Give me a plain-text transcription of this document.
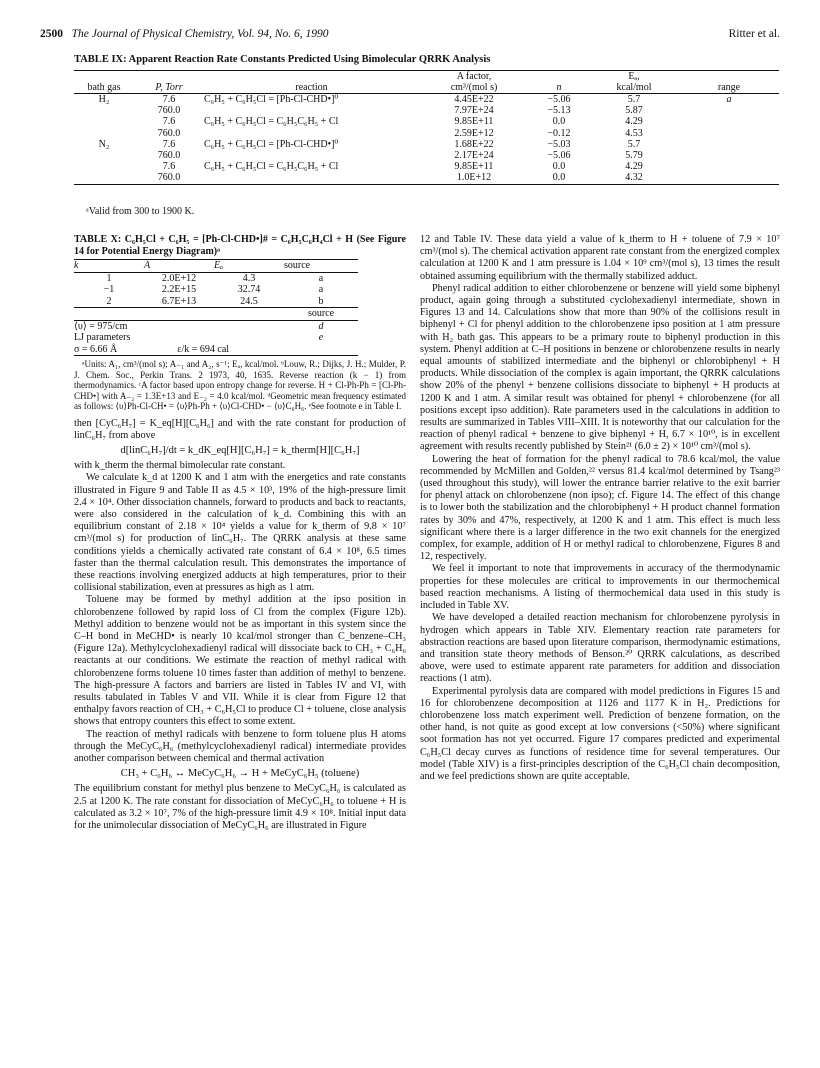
2500 The Journal of Physical Chemistry, Vol. 94, No. 6, 1990	Ritter et al.
TABLE IX: Apparent Reaction Rate Constants Predicted Using Bimolecular QRRK Analysis
			A factor,		Eₐ,	
bath gas	P, Torr	reaction	cm³/(mol s)	n	kcal/mol	range
H₂	7.6	C₆H₅ + C₆H₅Cl = [Ph-Cl-CHD•]⁰	4.45E+22	−5.06	5.7	a
	760.0		7.97E+24	−5.13	5.87	
	7.6	C₆H₅ + C₆H₅Cl = C₆H₅C₆H₅ + Cl	9.85E+11	0.0	4.29	
	760.0		2.59E+12	−0.12	4.53	
N₂	7.6	C₆H₅ + C₆H₅Cl = [Ph-Cl-CHD•]⁰	1.68E+22	−5.03	5.7	
	760.0		2.17E+24	−5.06	5.79	
	7.6	C₆H₅ + C₆H₅Cl = C₆H₅C₆H₅ + Cl	9.85E+11	0.0	4.29	
	760.0		1.0E+12	0.0	4.32	
ᵃValid from 300 to 1900 K.
TABLE X: C₆H₅Cl + C₆H₅ = [Ph-Cl-CHD•]# = C₆H₅C₆H₄Cl + H (See Figure 14 for Potential Energy Diagram)ᵃ
k	A	Eₐ	source
1	2.0E+12	4.3	a
−1	2.2E+15	32.74	a
2	6.7E+13	24.5	b
	source
⟨υ⟩ = 975/cm	d
LJ parameters	e
σ = 6.66 Å ε/k = 694 cal	
ᵃUnits: A₁, cm³/(mol s); A₋₁ and A₂, s⁻¹; Eₐ, kcal/mol. ᵇLouw, R.; Dijks, J. H.; Mulder, P. J. Chem. Soc., Perkin Trans. 2 1973, 40, 1635. Reverse reaction (k − 1) from thermodynamics. ᶜA factor based upon entropy change for reverse. H + Cl-Ph-Ph = [Cl-Ph-CHD•] with A₋₂ = 1.3E+13 and E₋₂ = 4.0 kcal/mol. ᵈGeometric mean frequency estimated as follows: ⟨υ⟩Ph-Cl-CH• = ⟨υ⟩Ph-Ph + ⟨υ⟩Cl-CHD• − ⟨υ⟩C₆H₆. ᵉSee footnote e in Table I.

then [CyC₆H₇] = K_eq[H][C₆H₆] and with the rate constant for production of linC₆H₇ from above

d[linC₆H₇]/dt = k_dK_eq[H][C₆H₇] = k_therm[H][C₆H₇]

with k_therm the thermal bimolecular rate constant.

We calculate k_d at 1200 K and 1 atm with the energetics and rate constants illustrated in Figure 9 and Table II as 4.5 × 10³, 19% of the high-pressure limit 2.4 × 10⁴. Other dissociation channels, forward to products and back to reactants, were also considered in the calculation of k_d. Combining this with an equilibrium constant of 2.18 × 10⁴ yields a value for k_therm of 9.8 × 10⁷ cm³/(mol s) for production of linC₆H₇. The QRRK analysis at these same conditions yields a chemically activated rate constant of 6.4 × 10⁸, 6.5 times faster than the thermal calculation result. This demonstrates the importance of these reactions involving energized adducts at high temperatures, prior to their collisional stabilization, even at pressures as high as 1 atm.

Toluene may be formed by methyl addition at the ipso position in chlorobenzene followed by rapid loss of Cl from the complex (Figure 12b). Methyl addition to benzene would not be as important in this system since the C–H bond in MeCHD• is nearly 10 kcal/mol stronger than C_benzene–CH₃ (Figure 12a). Methylcyclohexadienyl radical will dissociate back to CH₃ + C₆H₆ reactants at our conditions. We estimate the reaction of methyl radical with chlorobenzene forms toluene 10 times faster than addition of methyl to benzene. The high-pressure A factors and barriers are listed in Tables IV and VI, with results tabulated in Tables V and VII. While it is clear from Figure 12 that enthalpy favors reaction of CH₃ + C₆H₅Cl to produce Cl + toluene, close analysis shows that entropy counters this effect to some extent.

The reaction of methyl radicals with benzene to form toluene plus H atoms through the MeCyC₆H₆ (methylcyclohexadienyl radical) intermediate provides another comparison between chemical and thermal activation

CH₃ + C₆H₆ ↔ MeCyC₆H₆ → H + MeCyC₆H₅ (toluene)

The equilibrium constant for methyl plus benzene to MeCyC₆H₆ is calculated as 2.5 at 1200 K. The rate constant for dissociation of MeCyC₆H₆ to toluene + H is calculated as 3.2 × 10⁷, 7% of the high-pressure limit 4.9 × 10⁸. Initial input data for the unimolecular dissociation of MeCyC₆H₆ are illustrated in Figure

12 and Table IV. These data yield a value of k_therm to H + toluene of 7.9 × 10⁷ cm³/(mol s). The chemical activation apparent rate constant from the energized complex calculation at 1200 K and 1 atm pressure is 1.04 × 10⁹ cm³/(mol s), 13 times the result obtained assuming equilibrium with the thermally stabilized adduct.

Phenyl radical addition to either chlorobenzene or benzene will yield some biphenyl product, again going through a substituted cyclohexadienyl intermediate, shown in Figures 13 and 14. Calculations show that more than 90% of the collisions result in biphenyl + Cl for phenyl addition to the chlorobenzene ipso position at 1 atm pressure with H₂ bath gas. This appears to be a primary route to biphenyl production in this system. Phenyl addition at C–H positions in benzene or chlorobenzene results in nearly equal amounts of stabilized intermediate and the biphenyl or chlorobiphenyl + H products. While dissociation of the complex is again important, the QRRK calculations show 20% of the phenyl + benzene collisions dissociate to biphenyl + H products at 1200 K and 1 atm. A similar result was obtained for phenyl + chlorobenzene (for all positions except ipso addition). Rate parameters used in the calculations in addition to results are summarized in Tables VIII–XIII. It is noteworthy that our calculation for the reaction of phenyl radical + benzene to give biphenyl + H, 6.7 × 10¹⁰, is in excellent agreement with results recently published by Stein²¹ (6.0 ± 2) × 10¹⁰ cm³/(mol s).

Lowering the heat of formation for the phenyl radical to 78.6 kcal/mol, the value recommended by McMillen and Golden,²² versus 81.4 kcal/mol determined by Tsang²³ (used throughout this study), will lower the entrance barrier relative to the exit barrier for phenyl attack on chlorobenzene (non ipso); cf. Figure 14. The effect of this change is to lower both the stabilization and the chlorobiphenyl + H product channel formation rates by 30% and 47%, respectively, at 1200 K and 1 atm. This effect is much less significant where there is a larger difference in the two exit channels for the energized complex, for example, addition of H or methyl radical to chlorobenzene, Figures 8 and 12, respectively.

We feel it important to note that improvements in accuracy of the thermodynamic properties for these molecules are critical to improvements in our thermochemical based reaction mechanisms. A listing of thermochemical data used in this study is included in Table XV.

We have developed a detailed reaction mechanism for chlorobenzene pyrolysis in hydrogen which appears in Table XIV. Elementary reaction rate parameters for abstraction reactions are based upon literature comparison, thermodynamic estimations, and transition state theory methods of Benson.²⁰ QRRK calculations, as described above, were used to estimate apparent rate parameters for addition and dissociation reactions (1 atm).

Experimental pyrolysis data are compared with model predictions in Figures 15 and 16 for chlorobenzene decomposition at 1126 and 1177 K in H₂. Predictions for chlorobenzene loss match experiment well. Prediction of benzene formation, on the other hand, is not quite as good except at low conversions (<50%) where significant soot formation has not yet occurred. Figure 17 compares predicted and experimental C₆H₅Cl decay curves as functions of residence time for several temperatures. Our model (Table XIV) is a first-principles description of the C₆H₅Cl chain decomposition, and we feel predictions shown are quite acceptable.
